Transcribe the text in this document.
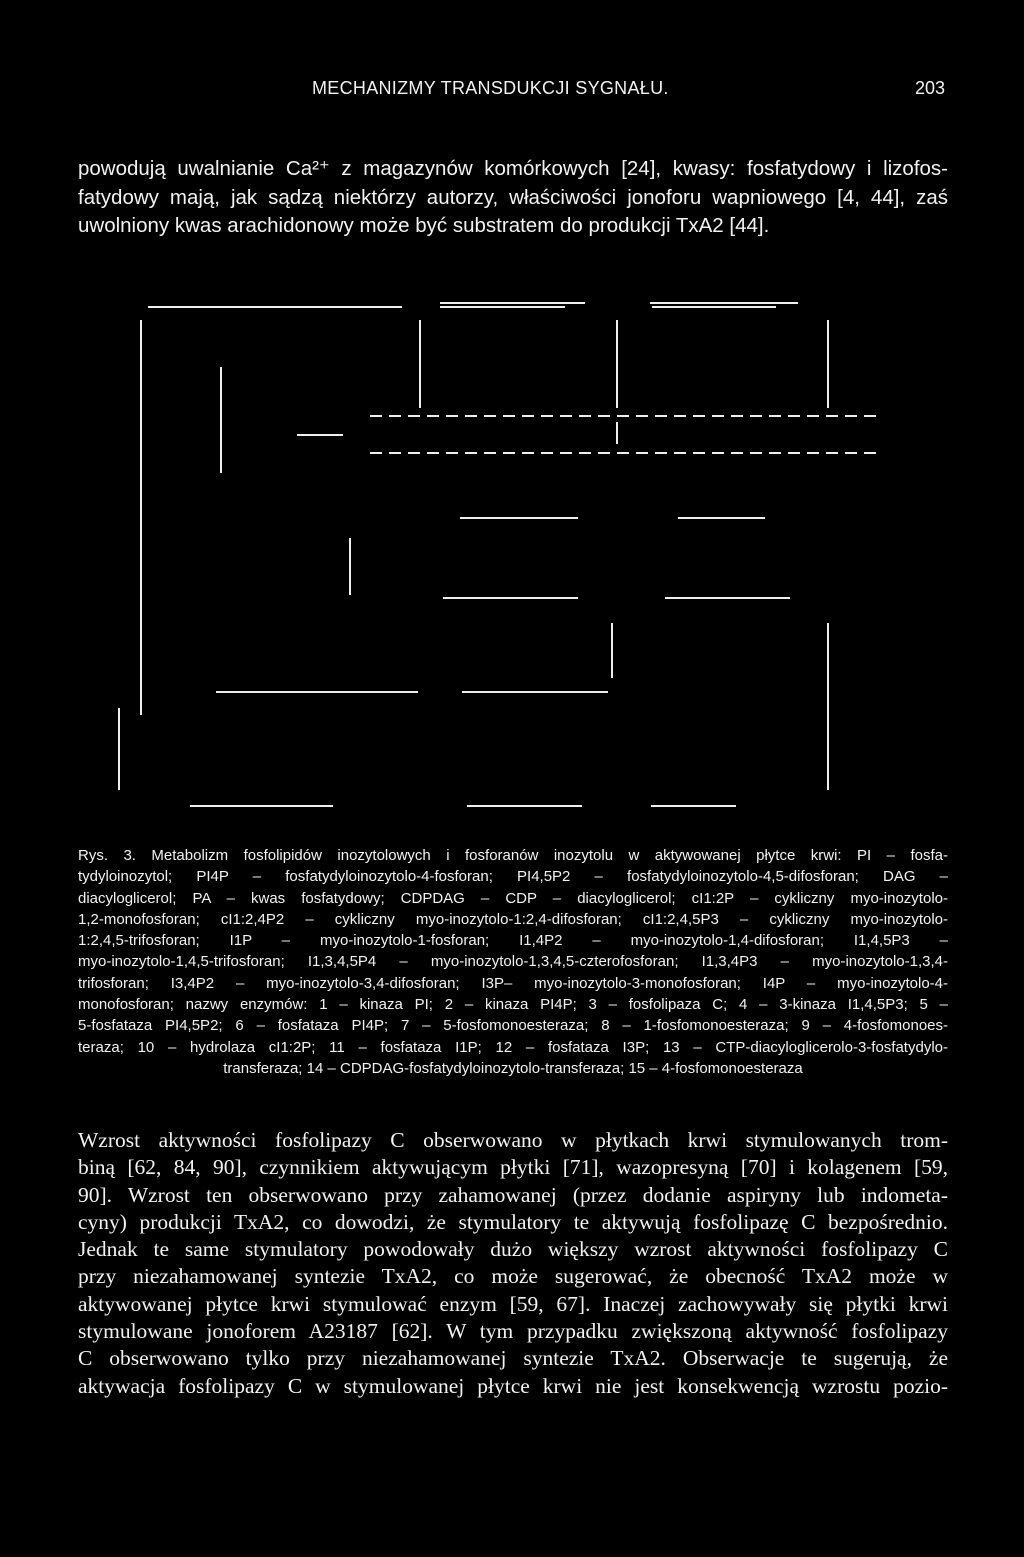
MECHANIZMY TRANSDUKCJI SYGNAŁU.	203
powodują uwalnianie Ca²⁺ z magazynów komórkowych [24], kwasy: fosfatydowy i lizofos-
fatydowy mają, jak sądzą niektórzy autorzy, właściwości jonoforu wapniowego [4, 44], zaś
uwolniony kwas arachidonowy może być substratem do produkcji TxA2 [44].
Rys. 3. Metabolizm fosfolipidów inozytolowych i fosforanów inozytolu w aktywowanej płytce krwi: PI – fosfa-
tydyloinozytol; PI4P – fosfatydyloinozytolo-4-fosforan; PI4,5P2 – fosfatydyloinozytolo-4,5-difosforan; DAG –
diacyloglicerol; PA – kwas fosfatydowy; CDPDAG – CDP – diacyloglicerol; cI1:2P – cykliczny myo-inozytolo-
1,2-monofosforan; cI1:2,4P2 – cykliczny myo-inozytolo-1:2,4-difosforan; cI1:2,4,5P3 – cykliczny myo-inozytolo-
1:2,4,5-trifosforan; I1P – myo-inozytolo-1-fosforan; I1,4P2 – myo-inozytolo-1,4-difosforan; I1,4,5P3 –
myo-inozytolo-1,4,5-trifosforan; I1,3,4,5P4 – myo-inozytolo-1,3,4,5-czterofosforan; I1,3,4P3 – myo-inozytolo-1,3,4-
trifosforan; I3,4P2 – myo-inozytolo-3,4-difosforan; I3P– myo-inozytolo-3-monofosforan; I4P – myo-inozytolo-4-
monofosforan; nazwy enzymów: 1 – kinaza PI; 2 – kinaza PI4P; 3 – fosfolipaza C; 4 – 3-kinaza I1,4,5P3; 5 –
5-fosfataza PI4,5P2; 6 – fosfataza PI4P; 7 – 5-fosfomonoesteraza; 8 – 1-fosfomonoesteraza; 9 – 4-fosfomonoes-
teraza; 10 – hydrolaza cI1:2P; 11 – fosfataza I1P; 12 – fosfataza I3P; 13 – CTP-diacyloglicerolo-3-fosfatydylo-
transferaza; 14 – CDPDAG-fosfatydyloinozytolo-transferaza; 15 – 4-fosfomonoesteraza
Wzrost aktywności fosfolipazy C obserwowano w płytkach krwi stymulowanych trom-
biną [62, 84, 90], czynnikiem aktywującym płytki [71], wazopresyną [70] i kolagenem [59,
90]. Wzrost ten obserwowano przy zahamowanej (przez dodanie aspiryny lub indometa-
cyny) produkcji TxA2, co dowodzi, że stymulatory te aktywują fosfolipazę C bezpośrednio.
Jednak te same stymulatory powodowały dużo większy wzrost aktywności fosfolipazy C
przy niezahamowanej syntezie TxA2, co może sugerować, że obecność TxA2 może w
aktywowanej płytce krwi stymulować enzym [59, 67]. Inaczej zachowywały się płytki krwi
stymulowane jonoforem A23187 [62]. W tym przypadku zwiększoną aktywność fosfolipazy
C obserwowano tylko przy niezahamowanej syntezie TxA2. Obserwacje te sugerują, że
aktywacja fosfolipazy C w stymulowanej płytce krwi nie jest konsekwencją wzrostu pozio-
